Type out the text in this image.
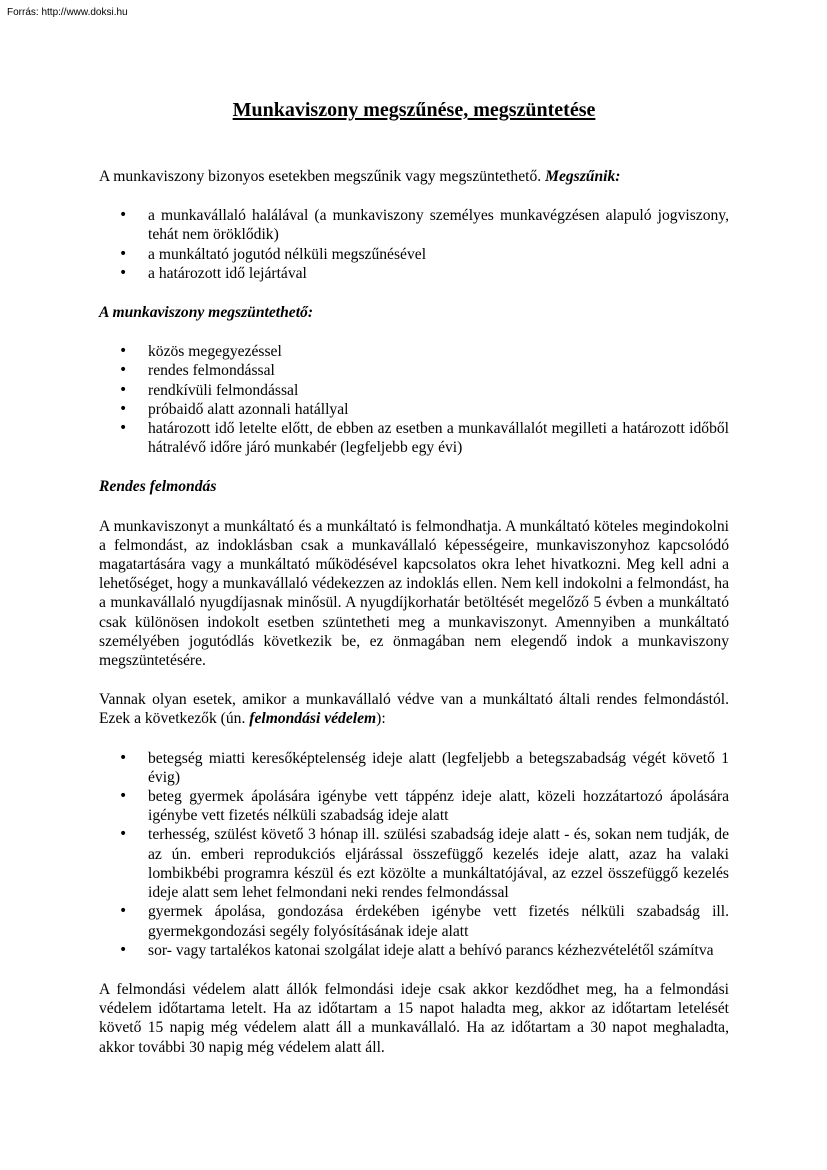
Forrás: http://www.doksi.hu
Munkaviszony megszűnése, megszüntetése

A munkaviszony bizonyos esetekben megszűnik vagy megszüntethető. Megszűnik:

• a munkavállaló halálával (a munkaviszony személyes munkavégzésen alapuló jogviszony, tehát nem öröklődik)
• a munkáltató jogutód nélküli megszűnésével
• a határozott idő lejártával

A munkaviszony megszüntethető:

• közös megegyezéssel
• rendes felmondással
• rendkívüli felmondással
• próbaidő alatt azonnali hatállyal
• határozott idő letelte előtt, de ebben az esetben a munkavállalót megilleti a határozott időből hátralévő időre járó munkabér (legfeljebb egy évi)

Rendes felmondás

A munkaviszonyt a munkáltató és a munkáltató is felmondhatja. A munkáltató köteles megindokolni a felmondást, az indoklásban csak a munkavállaló képességeire, munkaviszonyhoz kapcsolódó magatartására vagy a munkáltató működésével kapcsolatos okra lehet hivatkozni. Meg kell adni a lehetőséget, hogy a munkavállaló védekezzen az indoklás ellen. Nem kell indokolni a felmondást, ha a munkavállaló nyugdíjasnak minősül. A nyugdíjkorhatár betöltését megelőző 5 évben a munkáltató csak különösen indokolt esetben szüntetheti meg a munkaviszonyt. Amennyiben a munkáltató személyében jogutódlás következik be, ez önmagában nem elegendő indok a munkaviszony megszüntetésére.

Vannak olyan esetek, amikor a munkavállaló védve van a munkáltató általi rendes felmondástól. Ezek a következők (ún. felmondási védelem):

• betegség miatti keresőképtelenség ideje alatt (legfeljebb a betegszabadság végét követő 1 évig)
• beteg gyermek ápolására igénybe vett táppénz ideje alatt, közeli hozzátartozó ápolására igénybe vett fizetés nélküli szabadság ideje alatt
• terhesség, szülést követő 3 hónap ill. szülési szabadság ideje alatt - és, sokan nem tudják, de az ún. emberi reprodukciós eljárással összefüggő kezelés ideje alatt, azaz ha valaki lombikbébi programra készül és ezt közölte a munkáltatójával, az ezzel összefüggő kezelés ideje alatt sem lehet felmondani neki rendes felmondással
• gyermek ápolása, gondozása érdekében igénybe vett fizetés nélküli szabadság ill. gyermekgondozási segély folyósításának ideje alatt
• sor- vagy tartalékos katonai szolgálat ideje alatt a behívó parancs kézhezvételétől számítva

A felmondási védelem alatt állók felmondási ideje csak akkor kezdődhet meg, ha a felmondási védelem időtartama letelt. Ha az időtartam a 15 napot haladta meg, akkor az időtartam letelését követő 15 napig még védelem alatt áll a munkavállaló. Ha az időtartam a 30 napot meghaladta, akkor további 30 napig még védelem alatt áll.
